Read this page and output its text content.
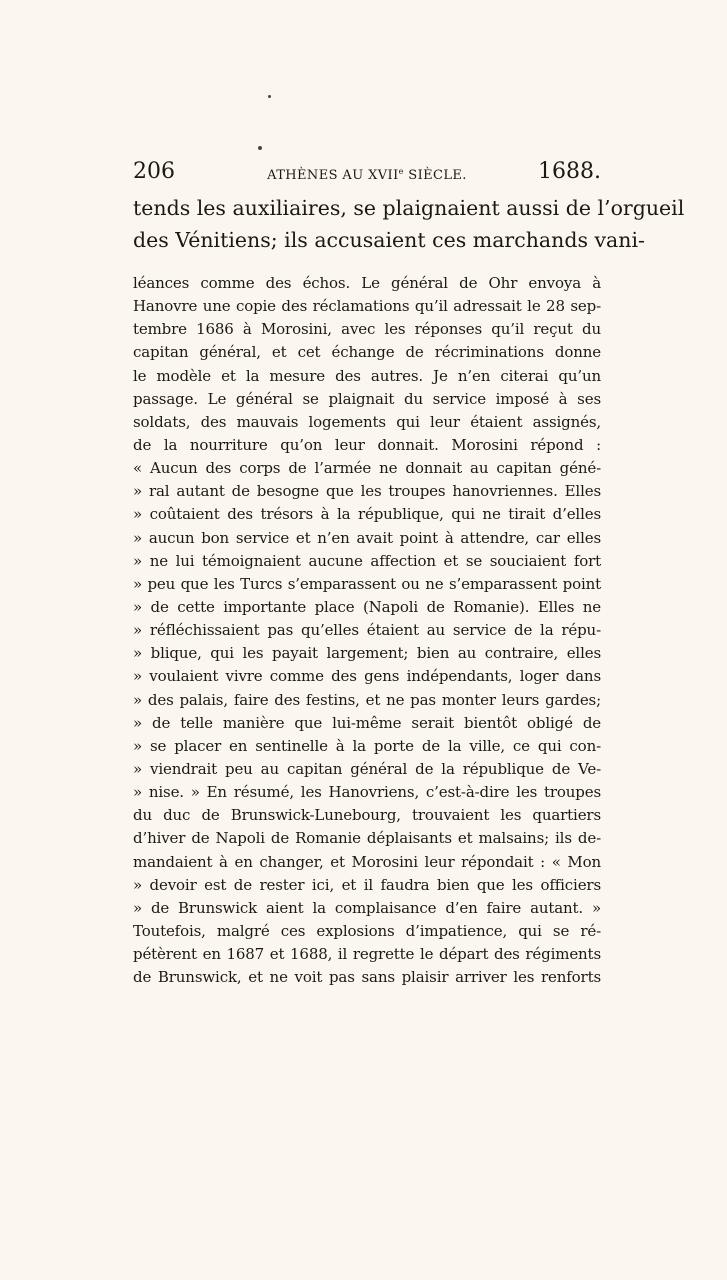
206	ATHÈNES AU XVIIe SIÈCLE.	1688.
tends les auxiliaires, se plaignaient aussi de l’orgueil
des Vénitiens; ils accusaient ces marchands vani-
léances comme des échos. Le général de Ohr envoya à
Hanovre une copie des réclamations qu’il adressait le 28 sep-
tembre 1686 à Morosini, avec les réponses qu’il reçut du
capitan général, et cet échange de récriminations donne
le modèle et la mesure des autres. Je n’en citerai qu’un
passage. Le général se plaignait du service imposé à ses
soldats, des mauvais logements qui leur étaient assignés,
de la nourriture qu’on leur donnait. Morosini répond :
« Aucun des corps de l’armée ne donnait au capitan géné-
» ral autant de besogne que les troupes hanovriennes. Elles
» coûtaient des trésors à la république, qui ne tirait d’elles
» aucun bon service et n’en avait point à attendre, car elles
» ne lui témoignaient aucune affection et se souciaient fort
» peu que les Turcs s’emparassent ou ne s’emparassent point
» de cette importante place (Napoli de Romanie). Elles ne
» réfléchissaient pas qu’elles étaient au service de la répu-
» blique, qui les payait largement; bien au contraire, elles
» voulaient vivre comme des gens indépendants, loger dans
» des palais, faire des festins, et ne pas monter leurs gardes;
» de telle manière que lui-même serait bientôt obligé de
» se placer en sentinelle à la porte de la ville, ce qui con-
» viendrait peu au capitan général de la république de Ve-
» nise. » En résumé, les Hanovriens, c’est-à-dire les troupes
du duc de Brunswick-Lunebourg, trouvaient les quartiers
d’hiver de Napoli de Romanie déplaisants et malsains; ils de-
mandaient à en changer, et Morosini leur répondait : « Mon
» devoir est de rester ici, et il faudra bien que les officiers
» de Brunswick aient la complaisance d’en faire autant. »
Toutefois, malgré ces explosions d’impatience, qui se ré-
pétèrent en 1687 et 1688, il regrette le départ des régiments
de Brunswick, et ne voit pas sans plaisir arriver les renforts
